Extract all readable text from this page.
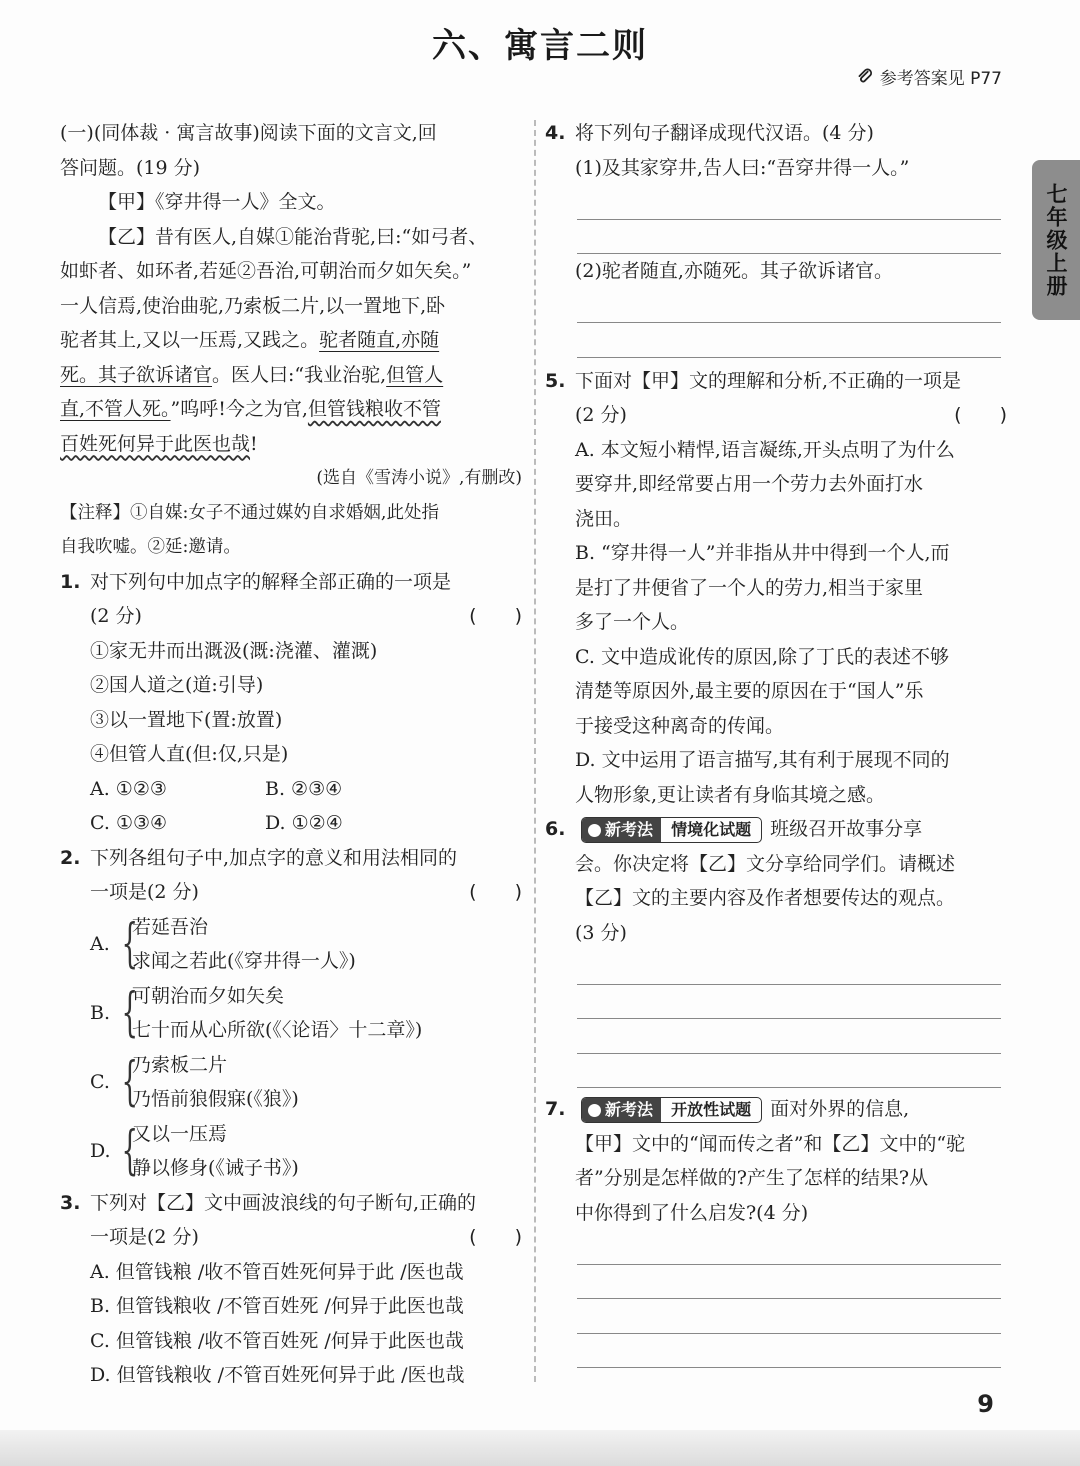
六、寓言二则
参考答案见 P77
(一)(同体裁 · 寓言故事)阅读下面的文言文,回
答问题。(19 分)
【甲】《穿井得一人》全文。
【乙】昔有医人,自媒①能治背驼,曰:“如弓者、
如虾者、如环者,若延②吾治,可朝治而夕如矢矣。”
一人信焉,使治曲驼,乃索板二片,以一置地下,卧
驼者其上,又以一压焉,又践之。驼者随直,亦随
死。其子欲诉诸官。医人曰:“我业治驼,但管人
直,不管人死。”呜呼!今之为官,但管钱粮收不管
百姓死何异于此医也哉!
(选自《雪涛小说》,有删改)
【注释】①自媒:女子不通过媒妁自求婚姻,此处指
自我吹嘘。②延:邀请。
1. 对下列句中加点字的解释全部正确的一项是
(2 分)	(　　)
①家无井而出溉汲(溉:浇灌、灌溉)
②国人道之(道:引导)
③以一置地下(置:放置)
④但管人直(但:仅,只是)
A. ①②③	B. ②③④
C. ①③④	D. ①②④
2. 下列各组句子中,加点字的意义和用法相同的
一项是(2 分)	(　　)
A. {
若延吾治
求闻之若此(《穿井得一人》)
B. {
可朝治而夕如矢矣
七十而从心所欲(《〈论语〉十二章》)
C. {
乃索板二片
乃悟前狼假寐(《狼》)
D. {
又以一压焉
静以修身(《诫子书》)
3. 下列对【乙】文中画波浪线的句子断句,正确的
一项是(2 分)	(　　)
A. 但管钱粮 /收不管百姓死何异于此 /医也哉
B. 但管钱粮收 /不管百姓死 /何异于此医也哉
C. 但管钱粮 /收不管百姓死 /何异于此医也哉
D. 但管钱粮收 /不管百姓死何异于此 /医也哉
4. 将下列句子翻译成现代汉语。(4 分)
(1)及其家穿井,告人曰:“吾穿井得一人。”
(2)驼者随直,亦随死。其子欲诉诸官。
5. 下面对【甲】文的理解和分析,不正确的一项是
(2 分)	(　　)
A. 本文短小精悍,语言凝练,开头点明了为什么
要穿井,即经常要占用一个劳力去外面打水
浇田。
B. “穿井得一人”并非指从井中得到一个人,而
是打了井便省了一个人的劳力,相当于家里
多了一个人。
C. 文中造成讹传的原因,除了丁氏的表述不够
清楚等原因外,最主要的原因在于“国人”乐
于接受这种离奇的传闻。
D. 文中运用了语言描写,其有利于展现不同的
人物形象,更让读者有身临其境之感。
6. 新考法	情境化试题	班级召开故事分享
会。你决定将【乙】文分享给同学们。请概述
【乙】文的主要内容及作者想要传达的观点。
(3 分)
7. 新考法	开放性试题	面对外界的信息,
【甲】文中的“闻而传之者”和【乙】文中的“驼
者”分别是怎样做的?产生了怎样的结果?从
中你得到了什么启发?(4 分)
七年级上册
9
